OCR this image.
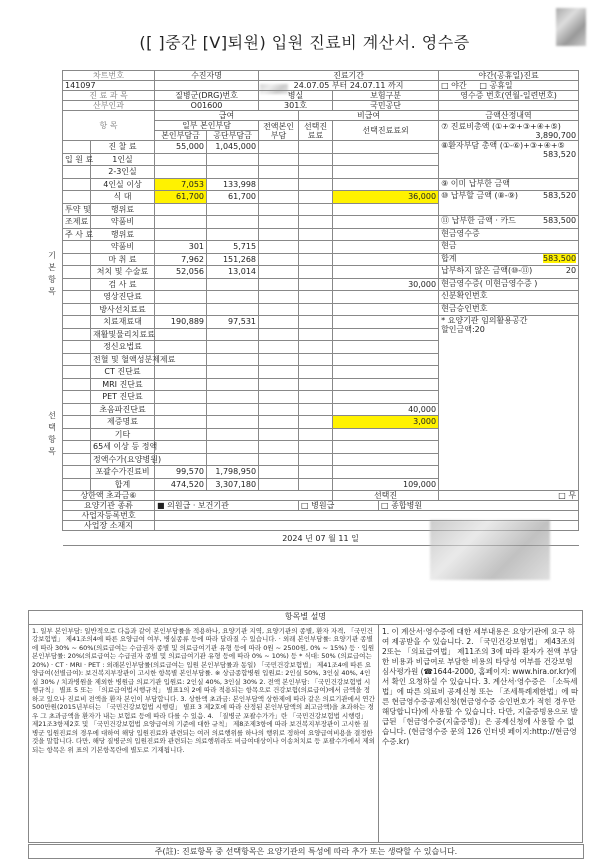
([ ]중간 [V]퇴원) 입원 진료비 계산서. 영수증
차트번호		수진자명		진료기간				야간(공휴일)진료
141097				24.07.05 부터 24.07.11 까지				□ 야간 □ 공휴일
진 료 과 목		질병군(DRG)번호		병실		보험구분		영수증 번호(연월-일련번호)
산부인과		O01600		301호		국민공단		
항 목		급여			비급여			금액산정내역
		일부 본인부담		전액본인부담	선택진료료	선택진료료외		⑦ 진료비총액 (①+②+③+④+⑤)
3,890,700

		본인부담금	공단부담금					
	진 찰 료	55,000	1,045,000					⑧환자부담 총액 (①-⑥)+③+④+⑤
583,520

입 원 료	1인실							
	2-3인실							
	4인실 이상	7,053	133,998					⑨ 이미 납부한 금액
	식 대	61,700	61,700			36,000		⑩ 납부할 금액 (⑧-⑨) 583,520

투약 및	행위료							
조제료	약품비							⑪ 납부한 금액 · 카드 583,500

주 사 료	행위료							현금영수증
	약품비	301	5,715					현금
	마 취 료	7,962	151,268					합계 583,500

	처치 및 수술료	52,056	13,014					납부하지 않은 금액(⑩-⑪) 20

	검 사 료					30,000		현금영수증( 미현금영수증 )
	영상진단료							신분확인번호
	방사선치료료							현금승인번호
	치료재료대	190,889	97,531					* 요양기관 임의활용공간
할인금액:20
	재활및물리치료료							
	정신요법료							
	전혈 및 혈액성분제제료							
	CT 진단료							
	MRI 진단료							
	PET 진단료							
	초음파진단료					40,000		
	제증명료					3,000		
	기타							
	65세 이상 등 정액							
	정액수가(요양병원)							
	포괄수가진료비	99,570	1,798,950					
	합계	474,520	3,307,180			109,000		
상한액 초과금⑥						선택진		□ 무
요양기관 종류		■ 의원급 · 보건기관			□ 병원급		□ 종합병원	
사업자등록번호								
사업장 소재지								
2024 년 07 월 11 일								
기본항목
선택항목
항목별 설명
1. 일부 본인부담: 일반적으로 다음과 같이 본인부담률을 적용하나, 요양기관 지역, 요양기관의 종별, 환자 자격, 「국민건강보험법」 제41조의4에 따른 요양급여 여부, 병실종류 등에 따라 달라질 수 있습니다. · 외래 본인부담률: 요양기관 종별에 따라 30% ~ 60%(의료급여는 수급권자 종별 및 의료급여기관 유형 등에 따라 0원 ~ 2500원, 0% ~ 15%) 등 · 입원 본인부담률: 20%(의료급여는 수급권자 종별 및 의료급여기관 유형 등에 따라 0% ~ 10%) 등 * 식대: 50% (의료급여는 20%) · CT · MRI · PET : 외래본인부담률(의료급여는 입원 본인부담률과 동일) 「국민건강보험법」 제41조4에 따른 요양급여(선별급여): 보건복지부장관이 고시한 항목별 본인부담률. ※ 상급종합병원 입원료: 2인실 50%, 3인실 40%, 4인실 30% / 치과병원을 제외한 병원급 의료기관 입원료: 2인실 40%, 3인실 30% 2. 전액 본인부담: 「국민건강보험법 시행규칙」 별표 5 또는 「의료급여법시행규칙」 별표1의 2에 따라 적용되는 항목으로 건강보험(의료급여)에서 금액을 정하고 있으나 진료비 전액을 환자 본인이 부담합니다. 3. 상한액 초과금: 본인부담액 상한제에 따라 같은 의료기관에서 연간 500만원(2015년부터는 「국민건강보험법 시행령」 별표 3 제2호에 따라 산정된 본인부담액의 최고금액)을 초과하는 경우 그 초과금액을 환자가 내는 보험료 등에 따라 다를 수 있음. 4. 「질병군 포괄수가가」란 「국민건강보험법 시행령」 제21조3항제2호 및 「국민건강보험법 요양급여의 기준에 대한 규칙」 제8조제3항에 따라 보건복지부장관이 고시한 질병군 입원진료의 경우에 대하여 해당 입원진료와 관련되는 여러 의료행위를 하나의 행위로 정하여 요양급여비용을 결정한 것을 말합니다. 다만, 해당 질병군의 입원진료와 관련되는 의료행위라도 비급여대상이나 이송처치료 등 포괄수가에서 제외되는 항목은 위 표의 기본항목란에 별도로 기재됩니다.	1. 이 계산서·영수증에 대한 세부내용은 요양기관에 요구 하여 제공받을 수 있습니다. 2. 「국민건강보험법」 제43조의 2또는 「의료급여법」 제11조의 3에 따라 환자가 전액 부담한 비용과 비급여로 부담한 비용의 타당성 여부를 건강보험심사평가원 (☎1644-2000, 홈페이지: www.hira.or.kr)에서 확인 요청하실 수 있습니다. 3. 계산서·영수증은 「소득세법」에 따른 의료비 공제신청 또는 「조세특례제한법」에 따른 현금영수증공제신청(현금영수증 승인번호가 적힌 경우만 해당합니다)에 사용할 수 있습니다. 다만, 지출증빙용으로 발급된 「현금영수증(지출증빙)」은 공제신청에 사용할 수 없습니다. (현금영수증 문의 126 인터넷 페이지:http://현금영수증.kr)
주(註): 진료항목 중 선택항목은 요양기관의 특성에 따라 추가 또는 생략할 수 있습니다.
